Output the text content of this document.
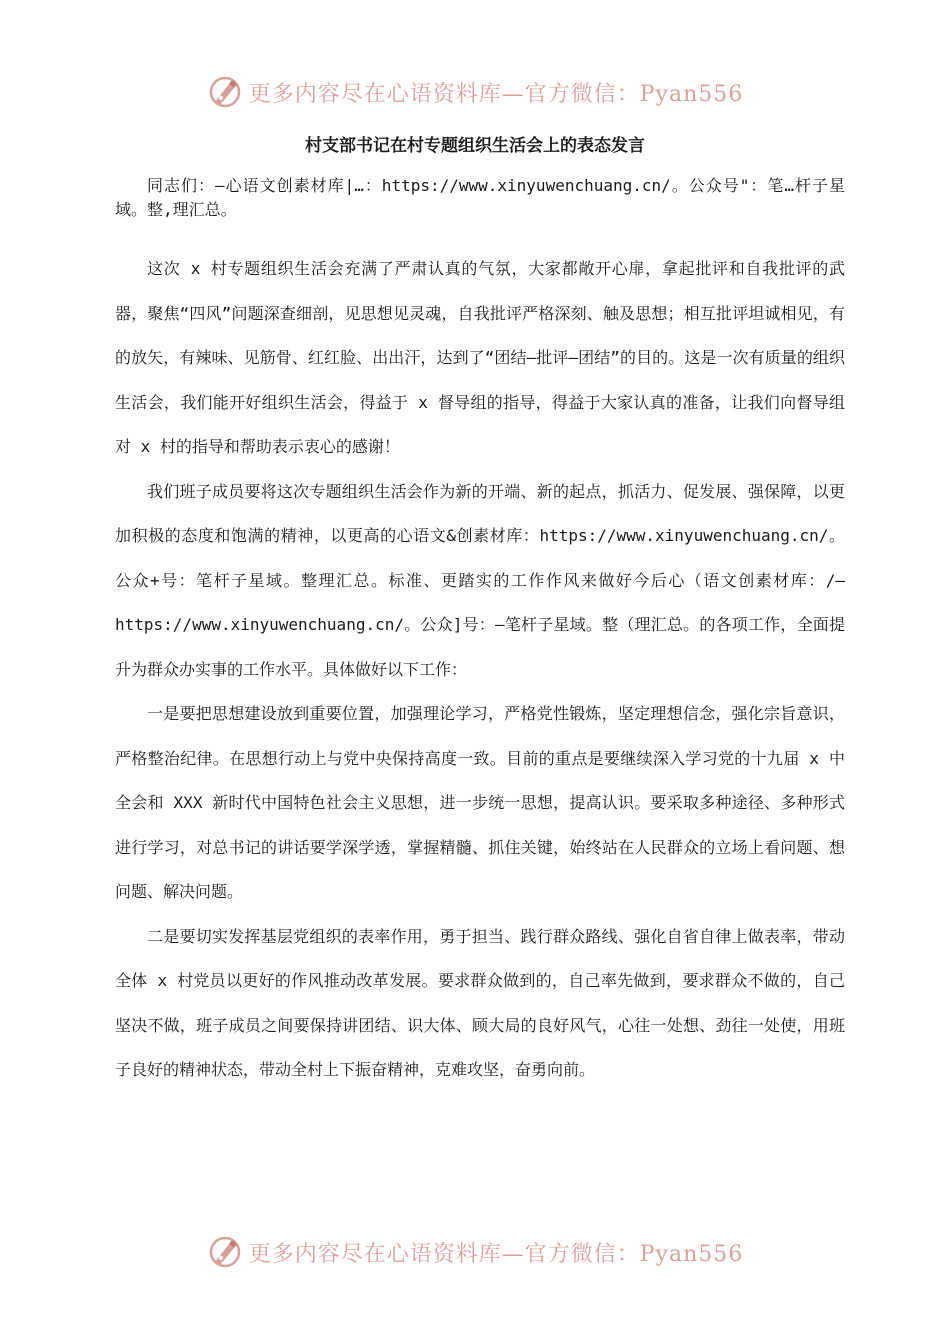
更多内容尽在心语资料库—官方微信：Pyan556
村支部书记在村专题组织生活会上的表态发言

同志们：—心语文创素材库|…：https://www.xinyuwenchuang.cn/。公众号"：笔…杆子星域。整,理汇总。

这次 x 村专题组织生活会充满了严肃认真的气氛，大家都敞开心扉，拿起批评和自我批评的武器，聚焦“四风”问题深查细剖，见思想见灵魂，自我批评严格深刻、触及思想；相互批评坦诚相见，有的放矢，有辣味、见筋骨、红红脸、出出汗，达到了“团结—批评—团结”的目的。这是一次有质量的组织生活会，我们能开好组织生活会，得益于 x 督导组的指导，得益于大家认真的准备，让我们向督导组对 x 村的指导和帮助表示衷心的感谢！

我们班子成员要将这次专题组织生活会作为新的开端、新的起点，抓活力、促发展、强保障，以更加积极的态度和饱满的精神，以更高的心语文&创素材库：https://www.xinyuwenchuang.cn/。公众+号：笔杆子星域。整理汇总。标准、更踏实的工作作风来做好今后心（语文创素材库：/—https://www.xinyuwenchuang.cn/。公众]号：—笔杆子星域。整（理汇总。的各项工作，全面提升为群众办实事的工作水平。具体做好以下工作：

一是要把思想建设放到重要位置，加强理论学习，严格党性锻炼，坚定理想信念，强化宗旨意识，严格整治纪律。在思想行动上与党中央保持高度一致。目前的重点是要继续深入学习党的十九届 x 中全会和 XXX 新时代中国特色社会主义思想，进一步统一思想，提高认识。要采取多种途径、多种形式进行学习，对总书记的讲话要学深学透，掌握精髓、抓住关键，始终站在人民群众的立场上看问题、想问题、解决问题。

二是要切实发挥基层党组织的表率作用，勇于担当、践行群众路线、强化自省自律上做表率，带动全体 x 村党员以更好的作风推动改革发展。要求群众做到的，自己率先做到，要求群众不做的，自己坚决不做，班子成员之间要保持讲团结、识大体、顾大局的良好风气，心往一处想、劲往一处使，用班子良好的精神状态，带动全村上下振奋精神，克难攻坚，奋勇向前。

更多内容尽在心语资料库—官方微信：Pyan556
